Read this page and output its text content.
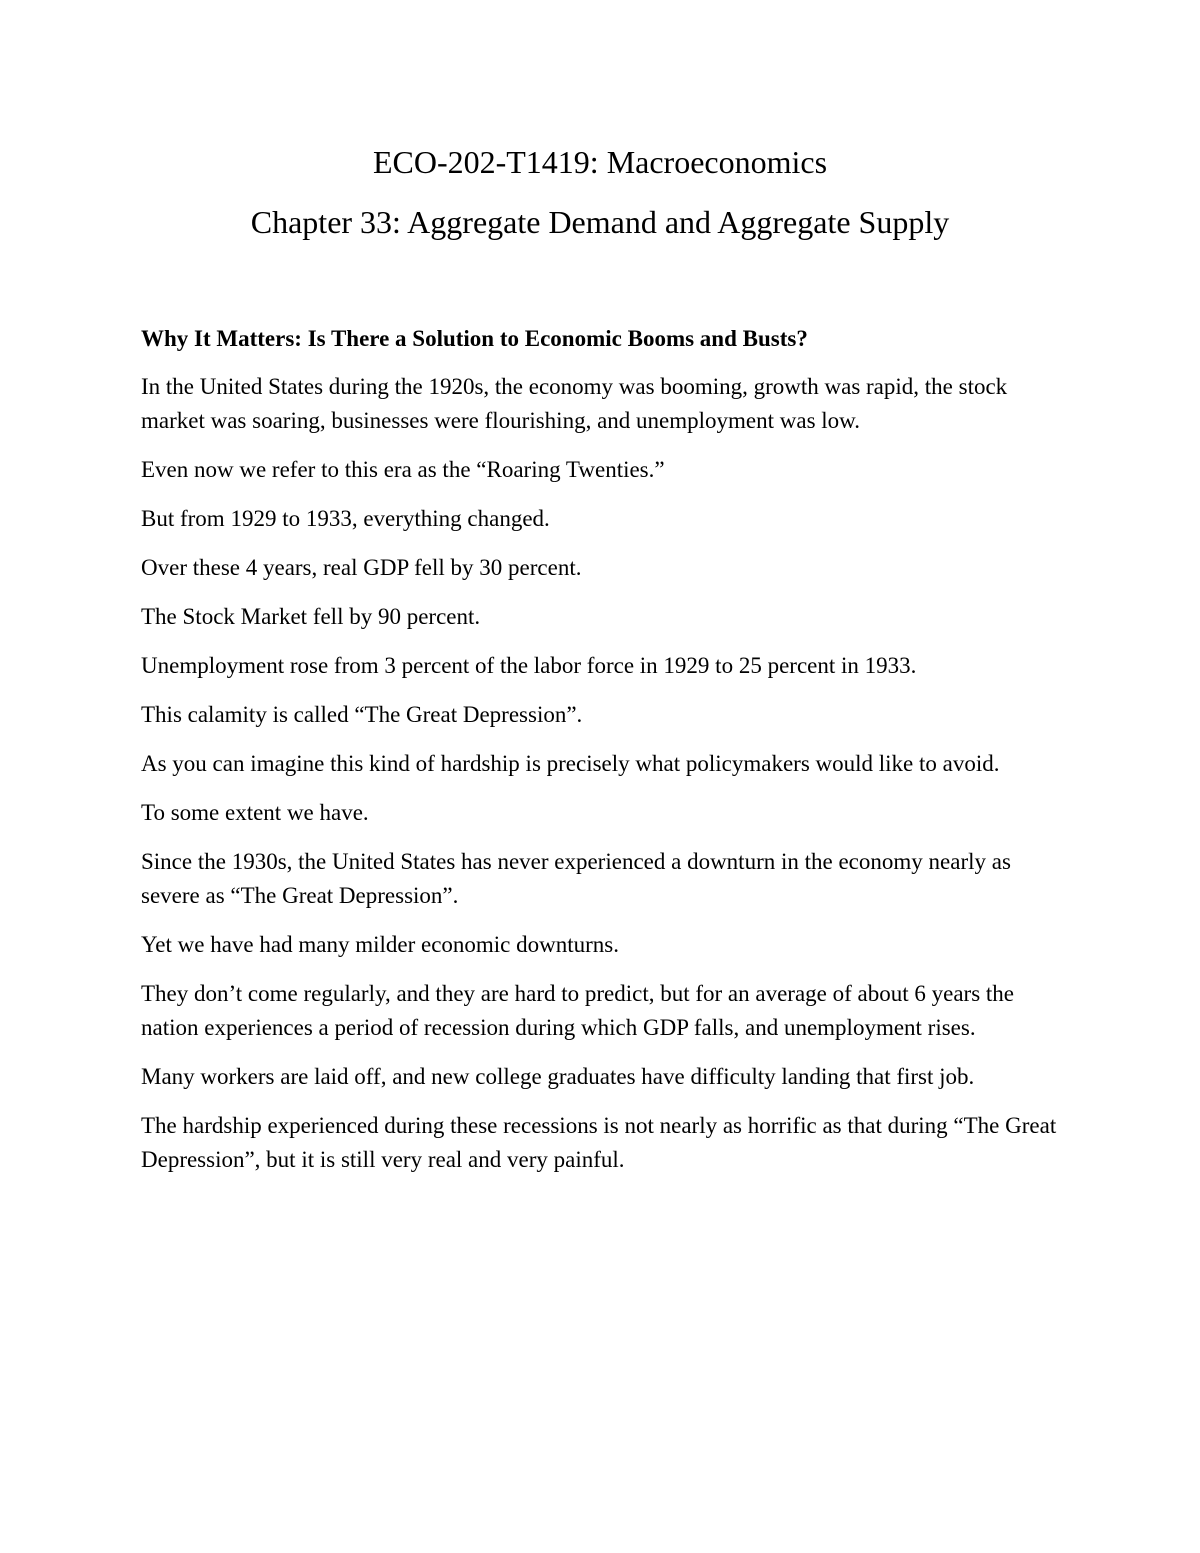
ECO-202-T1419: Macroeconomics
Chapter 33: Aggregate Demand and Aggregate Supply
Why It Matters: Is There a Solution to Economic Booms and Busts?

In the United States during the 1920s, the economy was booming, growth was rapid, the stock market was soaring, businesses were flourishing, and unemployment was low.

Even now we refer to this era as the “Roaring Twenties.”

But from 1929 to 1933, everything changed.

Over these 4 years, real GDP fell by 30 percent.

The Stock Market fell by 90 percent.

Unemployment rose from 3 percent of the labor force in 1929 to 25 percent in 1933.

This calamity is called “The Great Depression”.

As you can imagine this kind of hardship is precisely what policymakers would like to avoid.

To some extent we have.

Since the 1930s, the United States has never experienced a downturn in the economy nearly as severe as “The Great Depression”.

Yet we have had many milder economic downturns.

They don’t come regularly, and they are hard to predict, but for an average of about 6 years the nation experiences a period of recession during which GDP falls, and unemployment rises.

Many workers are laid off, and new college graduates have difficulty landing that first job.

The hardship experienced during these recessions is not nearly as horrific as that during “The Great Depression”, but it is still very real and very painful.
